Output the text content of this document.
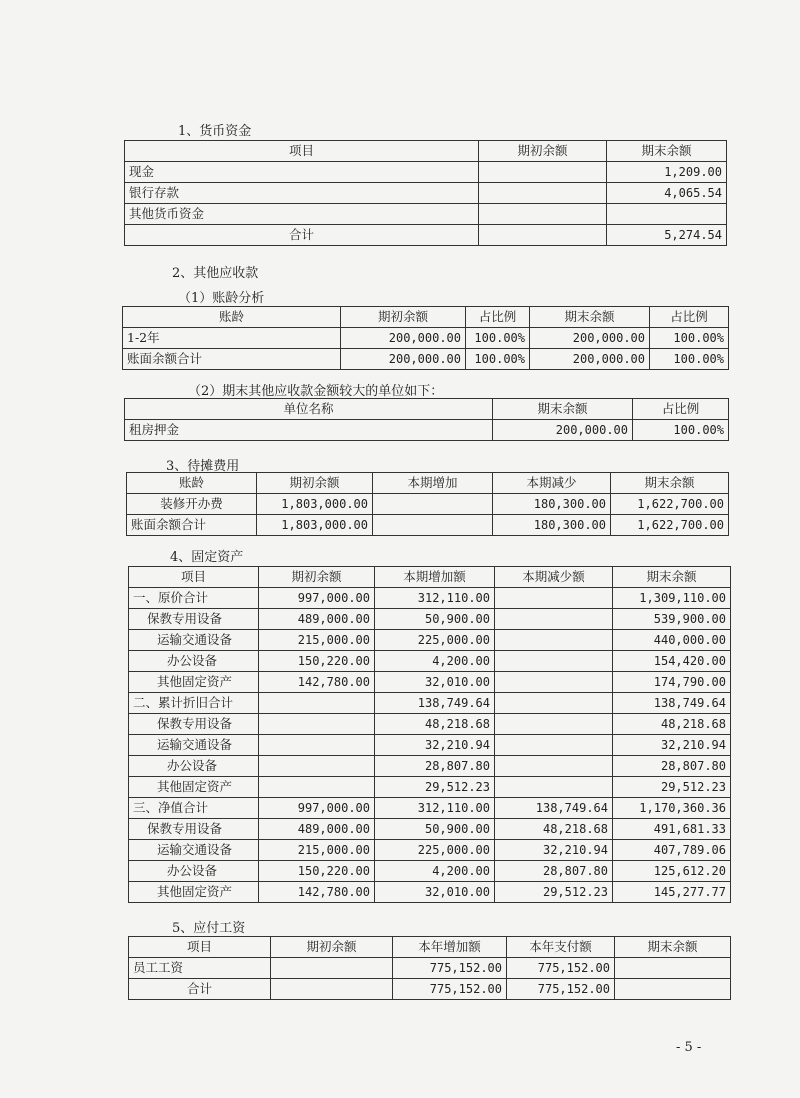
1、货币资金
项目	期初余额	期末余额
现金		1,209.00
银行存款		4,065.54
其他货币资金		
合计		5,274.54
2、其他应收款
（1）账龄分析
账龄	期初余额	占比例	期末余额	占比例
1-2年	200,000.00	100.00%	200,000.00	100.00%
账面余额合计	200,000.00	100.00%	200,000.00	100.00%
（2）期末其他应收款金额较大的单位如下：
单位名称	期末余额	占比例
租房押金	200,000.00	100.00%
3、待摊费用
账龄	期初余额	本期增加	本期减少	期末余额
装修开办费	1,803,000.00		180,300.00	1,622,700.00
账面余额合计	1,803,000.00		180,300.00	1,622,700.00
4、固定资产
项目	期初余额	本期增加额	本期减少额	期末余额
一、原价合计	997,000.00	312,110.00		1,309,110.00
保教专用设备	489,000.00	50,900.00		539,900.00
运输交通设备	215,000.00	225,000.00		440,000.00
办公设备	150,220.00	4,200.00		154,420.00
其他固定资产	142,780.00	32,010.00		174,790.00
二、累计折旧合计		138,749.64		138,749.64
保教专用设备		48,218.68		48,218.68
运输交通设备		32,210.94		32,210.94
办公设备		28,807.80		28,807.80
其他固定资产		29,512.23		29,512.23
三、净值合计	997,000.00	312,110.00	138,749.64	1,170,360.36
保教专用设备	489,000.00	50,900.00	48,218.68	491,681.33
运输交通设备	215,000.00	225,000.00	32,210.94	407,789.06
办公设备	150,220.00	4,200.00	28,807.80	125,612.20
其他固定资产	142,780.00	32,010.00	29,512.23	145,277.77
5、应付工资
项目	期初余额	本年增加额	本年支付额	期末余额
员工工资		775,152.00	775,152.00	
合计		775,152.00	775,152.00	
- 5 -
